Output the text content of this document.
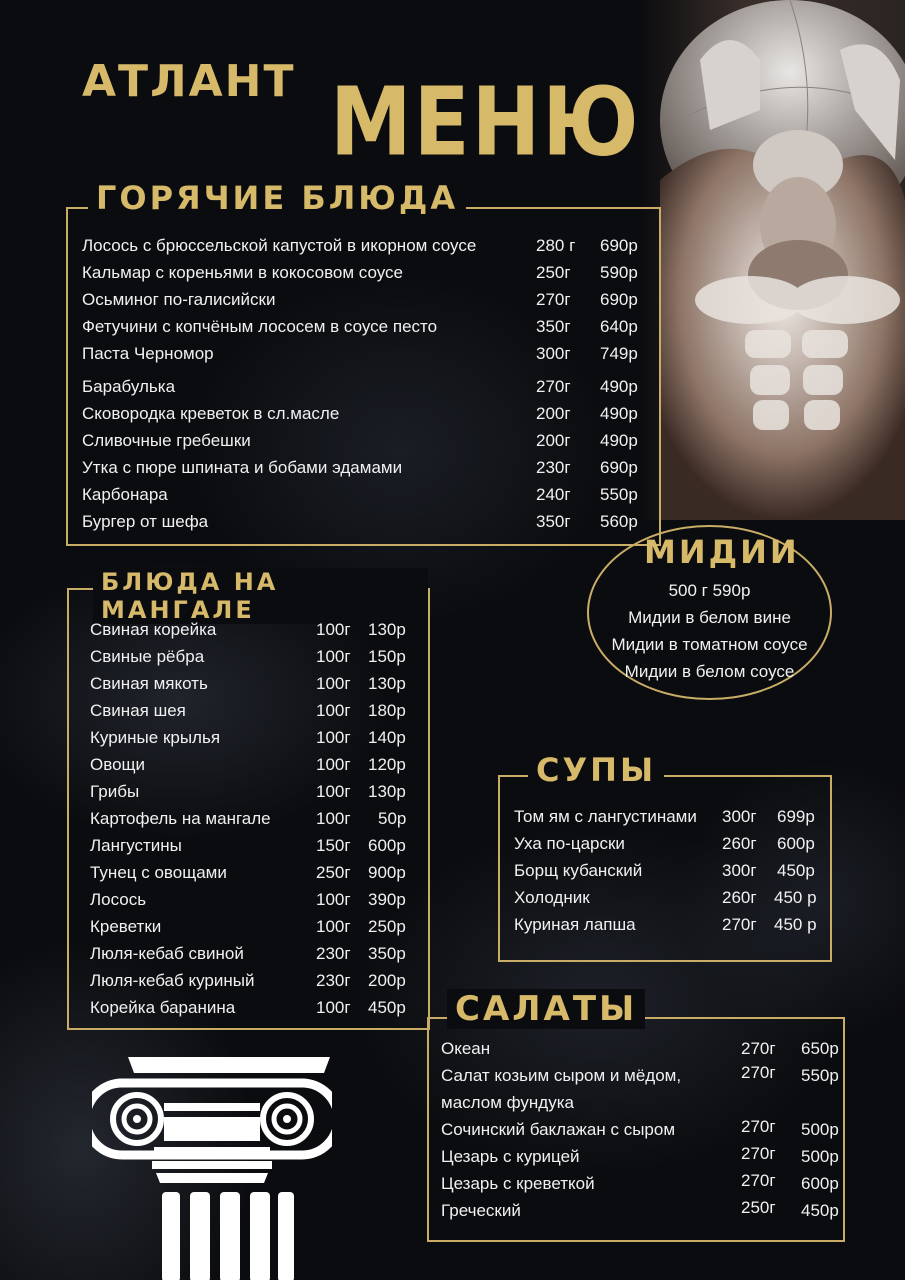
АТЛАНТ МЕНЮ
ГОРЯЧИЕ БЛЮДА
Лосось с брюссельской капустой в икорном соусе	280 г 690р
Кальмар с кореньями в кокосовом соусе	250г 590р
Осьминог по-галисийски	270г 690р
Фетучини с копчёным лососем в соусе песто	350г 640р
Паста Черномор	300г 749р
Барабулька	270г 490р
Сковородка креветок в сл.масле	200г 490р
Сливочные гребешки	200г 490р
Утка с пюре шпината и бобами эдамами	230г 690р
Карбонара	240г 550р
Бургер от шефа	350г 560р
МИДИИ
500 г 590р
Мидии в белом вине
Мидии в томатном соусе
Мидии в белом соусе
БЛЮДА НА МАНГАЛЕ
Свиная корейка	100г 130р
Свиные рёбра	100г 150р
Свиная мякоть	100г 130р
Свиная шея	100г 180р
Куриные крылья	100г 140р
Овощи	100г 120р
Грибы	100г 130р
Картофель на мангале	100г 50р
Лангустины	150г 600р
Тунец с овощами	250г 900р
Лосось	100г 390р
Креветки	100г 250р
Люля-кебаб свиной	230г 350р
Люля-кебаб куриный	230г 200р
Корейка баранина	100г 450р
СУПЫ
Том ям с лангустинами 300г 699р
Уха по-царски	260г 600р
Борщ кубанский	300г 450р
Холодник	260г 450 р
Куриная лапша	270г 450 р
САЛАТЫ
Океан	270г 650р
Салат козьим сыром и мёдом,	270г 550р
маслом фундука
Сочинский баклажан с сыром	270г 500р
Цезарь с курицей	270г 500р
Цезарь с креветкой	270г 600р
Греческий	250г 450р
